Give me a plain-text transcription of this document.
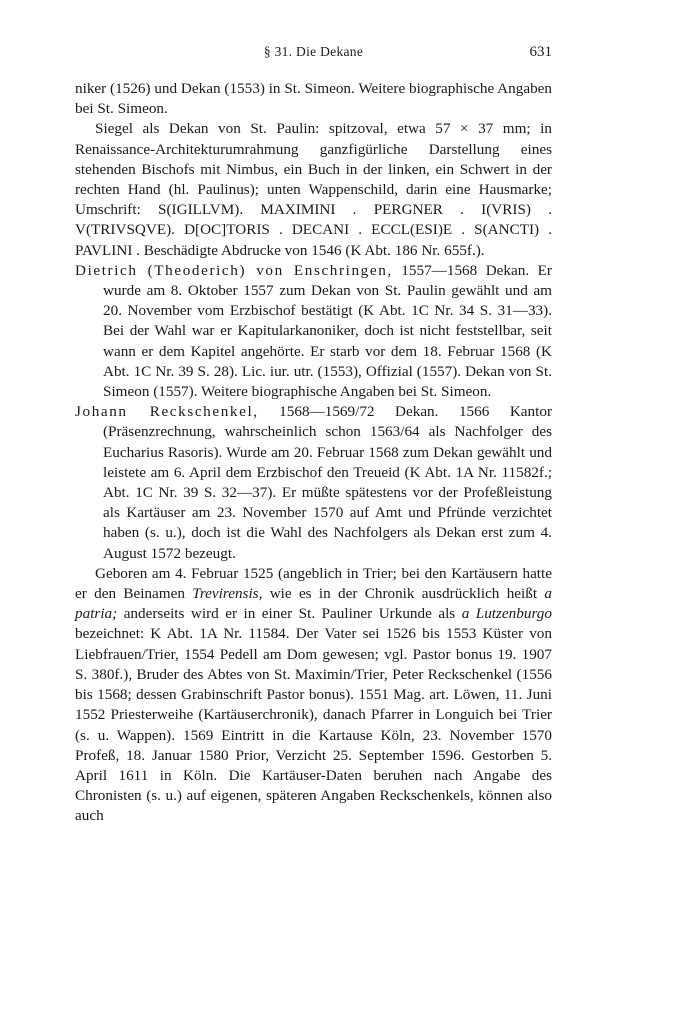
§ 31. Die Dekane	631

niker (1526) und Dekan (1553) in St. Simeon. Weitere biographische Angaben bei St. Simeon.

Siegel als Dekan von St. Paulin: spitzoval, etwa 57 × 37 mm; in Renaissance-Architekturumrahmung ganzfigürliche Darstellung eines stehenden Bischofs mit Nimbus, ein Buch in der linken, ein Schwert in der rechten Hand (hl. Paulinus); unten Wappenschild, darin eine Hausmarke; Umschrift: S(IGILLVM). MAXIMINI . PERGNER . I(VRIS) . V(TRIVSQVE). D[OC]TORIS . DECANI . ECCL(ESI)E . S(ANCTI) . PAVLINI . Beschädigte Abdrucke von 1546 (K Abt. 186 Nr. 655f.).

Dietrich (Theoderich) von Enschringen, 1557—1568 Dekan. Er wurde am 8. Oktober 1557 zum Dekan von St. Paulin gewählt und am 20. November vom Erzbischof bestätigt (K Abt. 1C Nr. 34 S. 31—33). Bei der Wahl war er Kapitularkanoniker, doch ist nicht feststellbar, seit wann er dem Kapitel angehörte. Er starb vor dem 18. Februar 1568 (K Abt. 1C Nr. 39 S. 28). Lic. iur. utr. (1553), Offizial (1557). Dekan von St. Simeon (1557). Weitere biographische Angaben bei St. Simeon.

Johann Reckschenkel, 1568—1569/72 Dekan. 1566 Kantor (Präsenzrechnung, wahrscheinlich schon 1563/64 als Nachfolger des Eucharius Rasoris). Wurde am 20. Februar 1568 zum Dekan gewählt und leistete am 6. April dem Erzbischof den Treueid (K Abt. 1A Nr. 11582f.; Abt. 1C Nr. 39 S. 32—37). Er müßte spätestens vor der Profeßleistung als Kartäuser am 23. November 1570 auf Amt und Pfründe verzichtet haben (s. u.), doch ist die Wahl des Nachfolgers als Dekan erst zum 4. August 1572 bezeugt.

Geboren am 4. Februar 1525 (angeblich in Trier; bei den Kartäusern hatte er den Beinamen Trevirensis, wie es in der Chronik ausdrücklich heißt a patria; anderseits wird er in einer St. Pauliner Urkunde als a Lutzenburgo bezeichnet: K Abt. 1A Nr. 11584. Der Vater sei 1526 bis 1553 Küster von Liebfrauen/Trier, 1554 Pedell am Dom gewesen; vgl. Pastor bonus 19. 1907 S. 380f.), Bruder des Abtes von St. Maximin/Trier, Peter Reckschenkel (1556 bis 1568; dessen Grabinschrift Pastor bonus). 1551 Mag. art. Löwen, 11. Juni 1552 Priesterweihe (Kartäuserchronik), danach Pfarrer in Longuich bei Trier (s. u. Wappen). 1569 Eintritt in die Kartause Köln, 23. November 1570 Profeß, 18. Januar 1580 Prior, Verzicht 25. September 1596. Gestorben 5. April 1611 in Köln. Die Kartäuser-Daten beruhen nach Angabe des Chronisten (s. u.) auf eigenen, späteren Angaben Reckschenkels, können also auch
